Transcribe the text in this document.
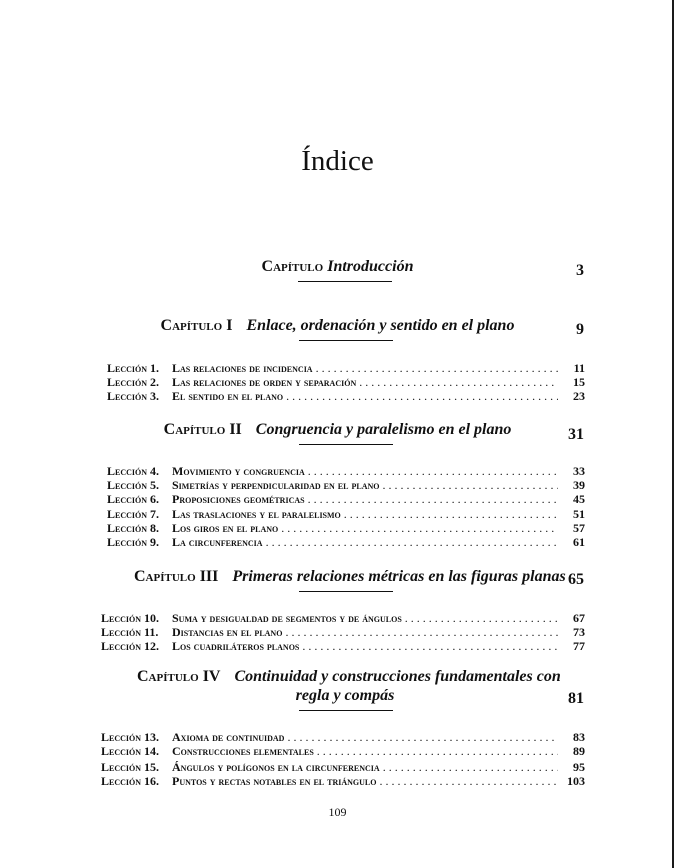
Índice
Capítulo Introducción	3
Capítulo I Enlace, ordenación y sentido en el plano	9
Lección 1. Las relaciones de incidencia . . .	11
Lección 2. Las relaciones de orden y separación . . .	15
Lección 3. El sentido en el plano . . .	23
Capítulo II Congruencia y paralelismo en el plano	31
Lección 4. Movimiento y congruencia . . .	33
Lección 5. Simetrías y perpendicularidad en el plano . . .	39
Lección 6. Proposiciones geométricas . . .	45
Lección 7. Las traslaciones y el paralelismo . . .	51
Lección 8. Los giros en el plano . . .	57
Lección 9. La circunferencia . . .	61
Capítulo III Primeras relaciones métricas en las figuras planas 65
Lección 10. Suma y desigualdad de segmentos y de ángulos . . .	67
Lección 11. Distancias en el plano . . .	73
Lección 12. Los cuadriláteros planos . . .	77
Capítulo IV Continuidad y construcciones fundamentales con
regla y compás	81
Lección 13. Axioma de continuidad . . .	83
Lección 14. Construcciones elementales . . .	89
Lección 15. Ángulos y polígonos en la circunferencia . . .	95
Lección 16. Puntos y rectas notables en el triángulo . . .	103
109
